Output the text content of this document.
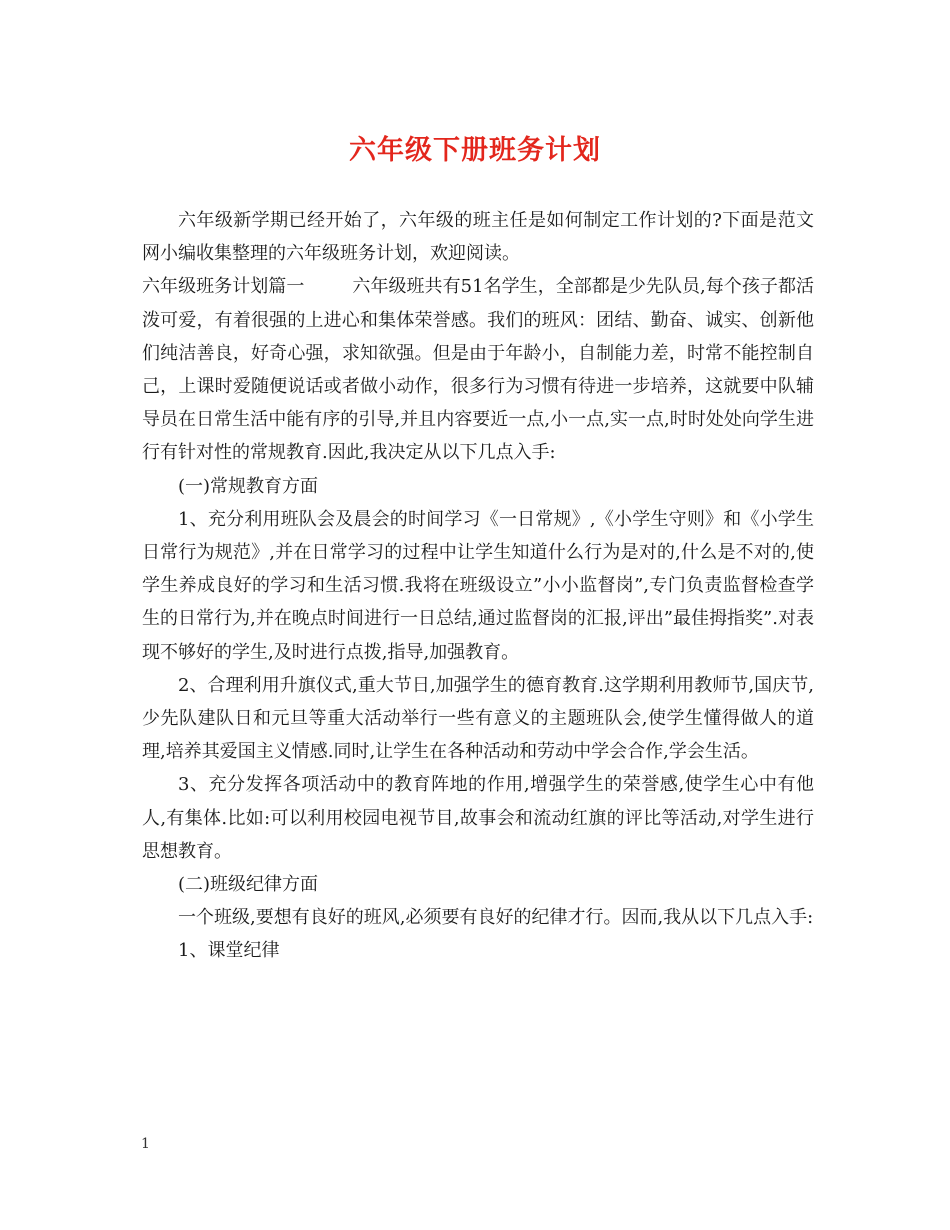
六年级下册班务计划

六年级新学期已经开始了，六年级的班主任是如何制定工作计划的?下面是范文网小编收集整理的六年级班务计划，欢迎阅读。

六年级班务计划篇一	六年级班共有51名学生，全部都是少先队员,每个孩子都活泼可爱，有着很强的上进心和集体荣誉感。我们的班风：团结、勤奋、诚实、创新他们纯洁善良，好奇心强，求知欲强。但是由于年龄小，自制能力差，时常不能控制自己，上课时爱随便说话或者做小动作，很多行为习惯有待进一步培养，这就要中队辅导员在日常生活中能有序的引导,并且内容要近一点,小一点,实一点,时时处处向学生进行有针对性的常规教育.因此,我决定从以下几点入手:

(一)常规教育方面

1、充分利用班队会及晨会的时间学习《一日常规》,《小学生守则》和《小学生日常行为规范》,并在日常学习的过程中让学生知道什么行为是对的,什么是不对的,使学生养成良好的学习和生活习惯.我将在班级设立”小小监督岗”,专门负责监督检查学生的日常行为,并在晚点时间进行一日总结,通过监督岗的汇报,评出”最佳拇指奖”.对表现不够好的学生,及时进行点拨,指导,加强教育。

2、合理利用升旗仪式,重大节日,加强学生的德育教育.这学期利用教师节,国庆节,少先队建队日和元旦等重大活动举行一些有意义的主题班队会,使学生懂得做人的道理,培养其爱国主义情感.同时,让学生在各种活动和劳动中学会合作,学会生活。

3、充分发挥各项活动中的教育阵地的作用,增强学生的荣誉感,使学生心中有他人,有集体.比如:可以利用校园电视节目,故事会和流动红旗的评比等活动,对学生进行思想教育。

(二)班级纪律方面

一个班级,要想有良好的班风,必须要有良好的纪律才行。因而,我从以下几点入手:

1、课堂纪律

1
